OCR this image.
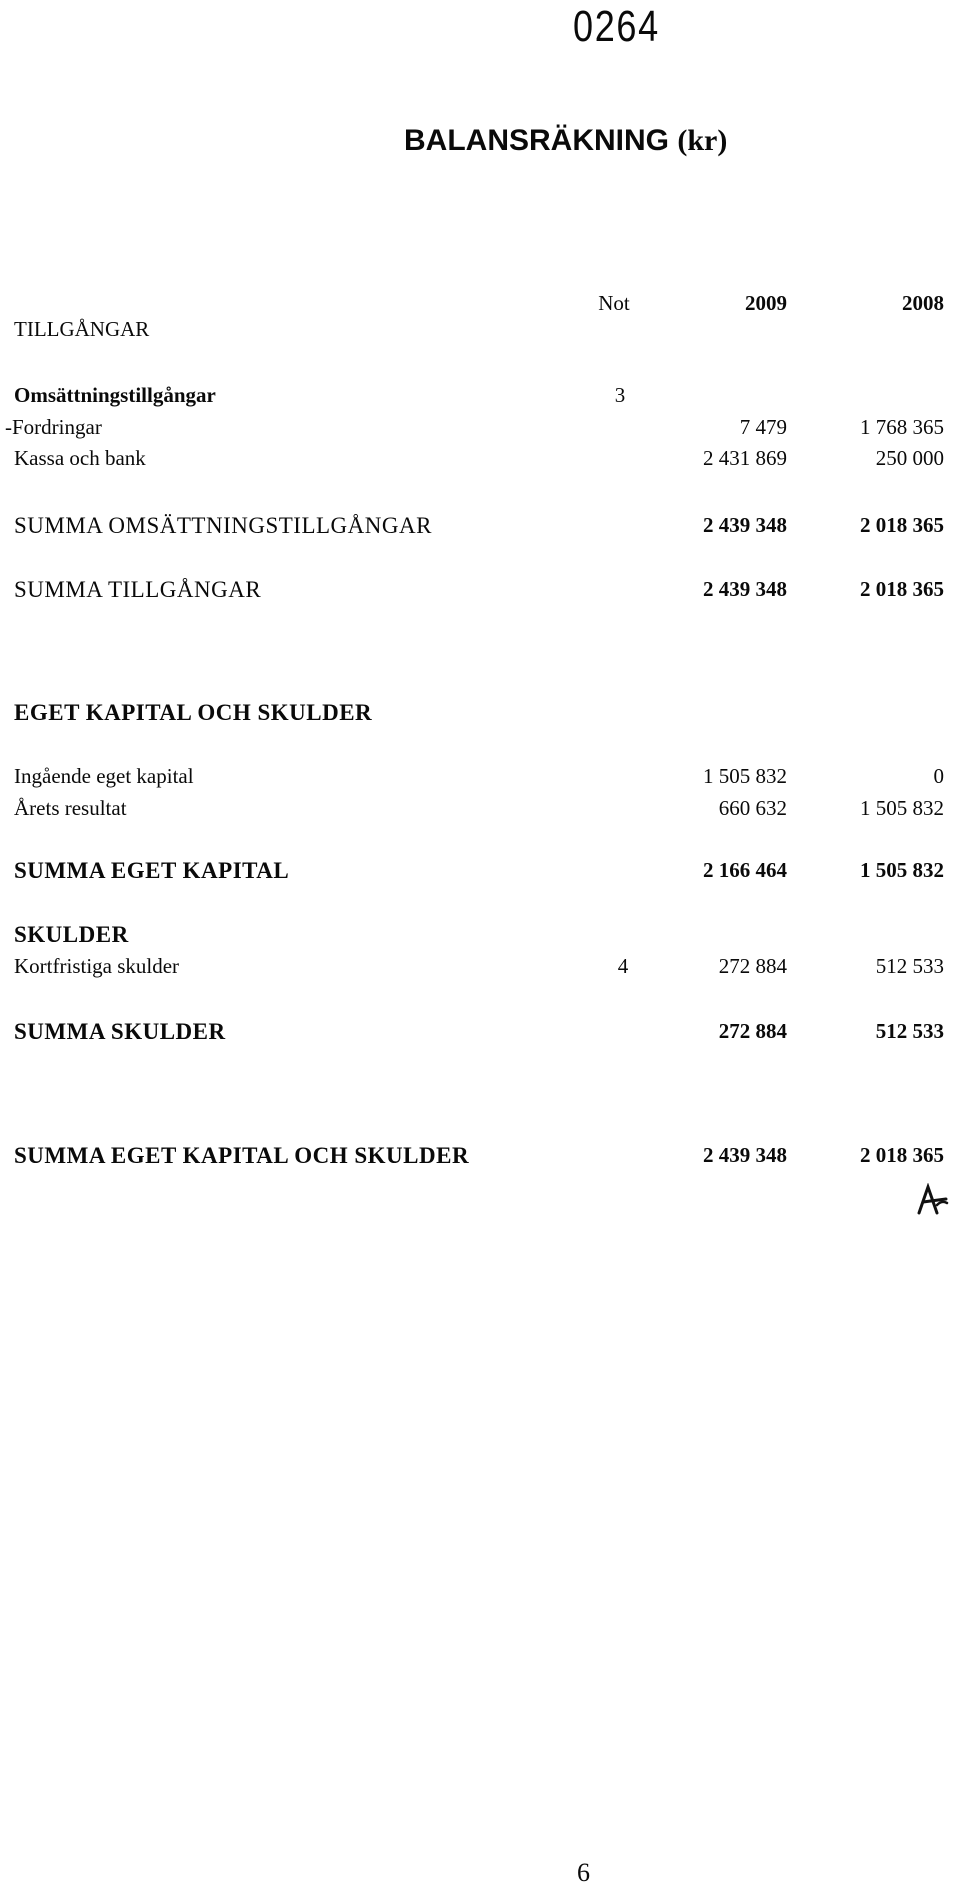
0264
BALANSRÄKNING (kr)
Not	2009	2008
TILLGÅNGAR
Omsättningstillgångar	3
-Fordringar	7 479	1 768 365
Kassa och bank	2 431 869	250 000
SUMMA OMSÄTTNINGSTILLGÅNGAR	2 439 348	2 018 365
SUMMA TILLGÅNGAR	2 439 348	2 018 365
EGET KAPITAL OCH SKULDER
Ingående eget kapital	1 505 832	0
Årets resultat	660 632	1 505 832
SUMMA EGET KAPITAL	2 166 464	1 505 832
SKULDER
Kortfristiga skulder	4	272 884	512 533
SUMMA SKULDER	272 884	512 533
SUMMA EGET KAPITAL OCH SKULDER	2 439 348	2 018 365
6
